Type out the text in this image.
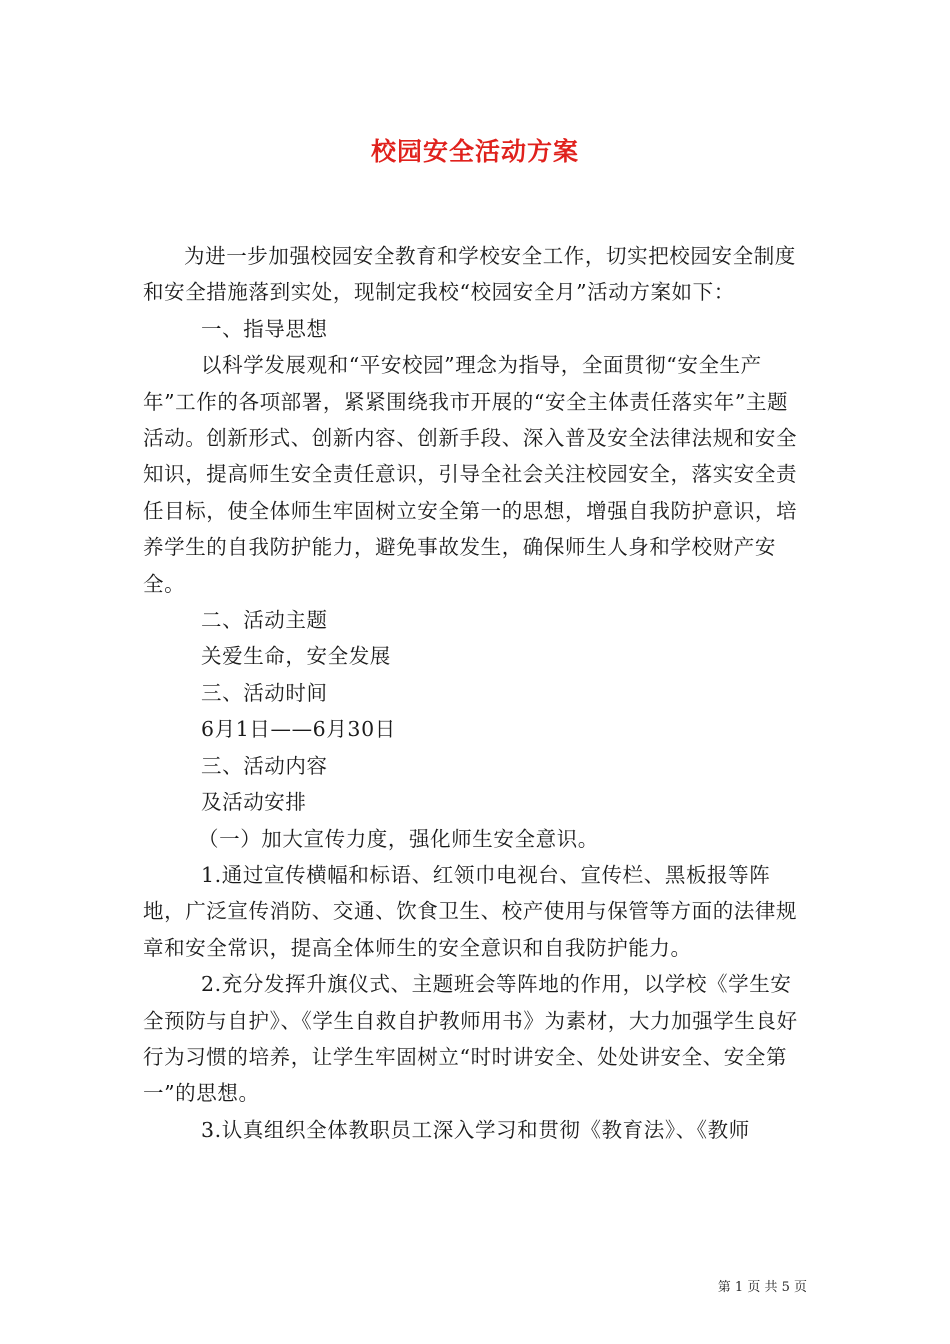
校园安全活动方案

为进一步加强校园安全教育和学校安全工作，切实把校园安全制度和安全措施落到实处，现制定我校“校园安全月”活动方案如下：

一、指导思想

以科学发展观和“平安校园”理念为指导，全面贯彻“安全生产年”工作的各项部署，紧紧围绕我市开展的“安全主体责任落实年”主题活动。创新形式、创新内容、创新手段、深入普及安全法律法规和安全知识，提高师生安全责任意识，引导全社会关注校园安全，落实安全责任目标，使全体师生牢固树立安全第一的思想，增强自我防护意识，培养学生的自我防护能力，避免事故发生，确保师生人身和学校财产安全。

二、活动主题

关爱生命，安全发展

三、活动时间

6月1日——6月30日

三、活动内容

及活动安排

（一）加大宣传力度，强化师生安全意识。

1.通过宣传横幅和标语、红领巾电视台、宣传栏、黑板报等阵地，广泛宣传消防、交通、饮食卫生、校产使用与保管等方面的法律规章和安全常识，提高全体师生的安全意识和自我防护能力。

2.充分发挥升旗仪式、主题班会等阵地的作用，以学校《学生安全预防与自护》、《学生自救自护教师用书》为素材，大力加强学生良好行为习惯的培养，让学生牢固树立“时时讲安全、处处讲安全、安全第一”的思想。

3.认真组织全体教职员工深入学习和贯彻《教育法》、《教师

第 1 页 共 5 页
